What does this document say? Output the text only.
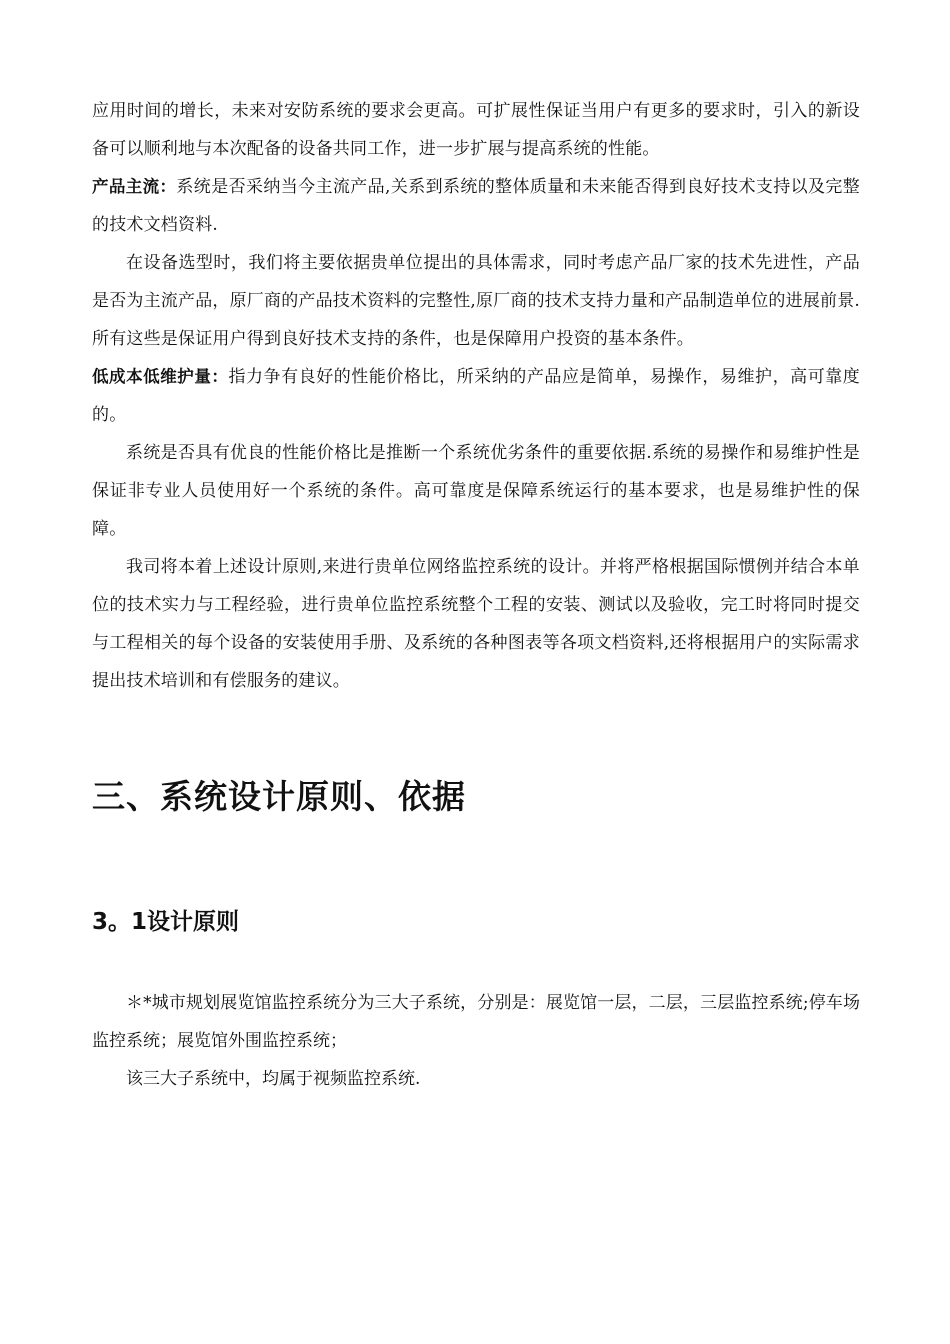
应用时间的增长，未来对安防系统的要求会更高。可扩展性保证当用户有更多的要求时，引入的新设备可以顺利地与本次配备的设备共同工作，进一步扩展与提高系统的性能。

产品主流：系统是否采纳当今主流产品,关系到系统的整体质量和未来能否得到良好技术支持以及完整的技术文档资料.

在设备选型时，我们将主要依据贵单位提出的具体需求，同时考虑产品厂家的技术先进性，产品是否为主流产品，原厂商的产品技术资料的完整性,原厂商的技术支持力量和产品制造单位的进展前景.所有这些是保证用户得到良好技术支持的条件，也是保障用户投资的基本条件。

低成本低维护量：指力争有良好的性能价格比，所采纳的产品应是简单，易操作，易维护，高可靠度的。

系统是否具有优良的性能价格比是推断一个系统优劣条件的重要依据.系统的易操作和易维护性是保证非专业人员使用好一个系统的条件。高可靠度是保障系统运行的基本要求，也是易维护性的保障。

我司将本着上述设计原则,来进行贵单位网络监控系统的设计。并将严格根据国际惯例并结合本单位的技术实力与工程经验，进行贵单位监控系统整个工程的安装、测试以及验收，完工时将同时提交与工程相关的每个设备的安装使用手册、及系统的各种图表等各项文档资料,还将根据用户的实际需求提出技术培训和有偿服务的建议。

三、系统设计原则、依据
3。1设计原则

＊*城市规划展览馆监控系统分为三大子系统，分别是：展览馆一层，二层，三层监控系统;停车场监控系统；展览馆外围监控系统；

该三大子系统中，均属于视频监控系统.
